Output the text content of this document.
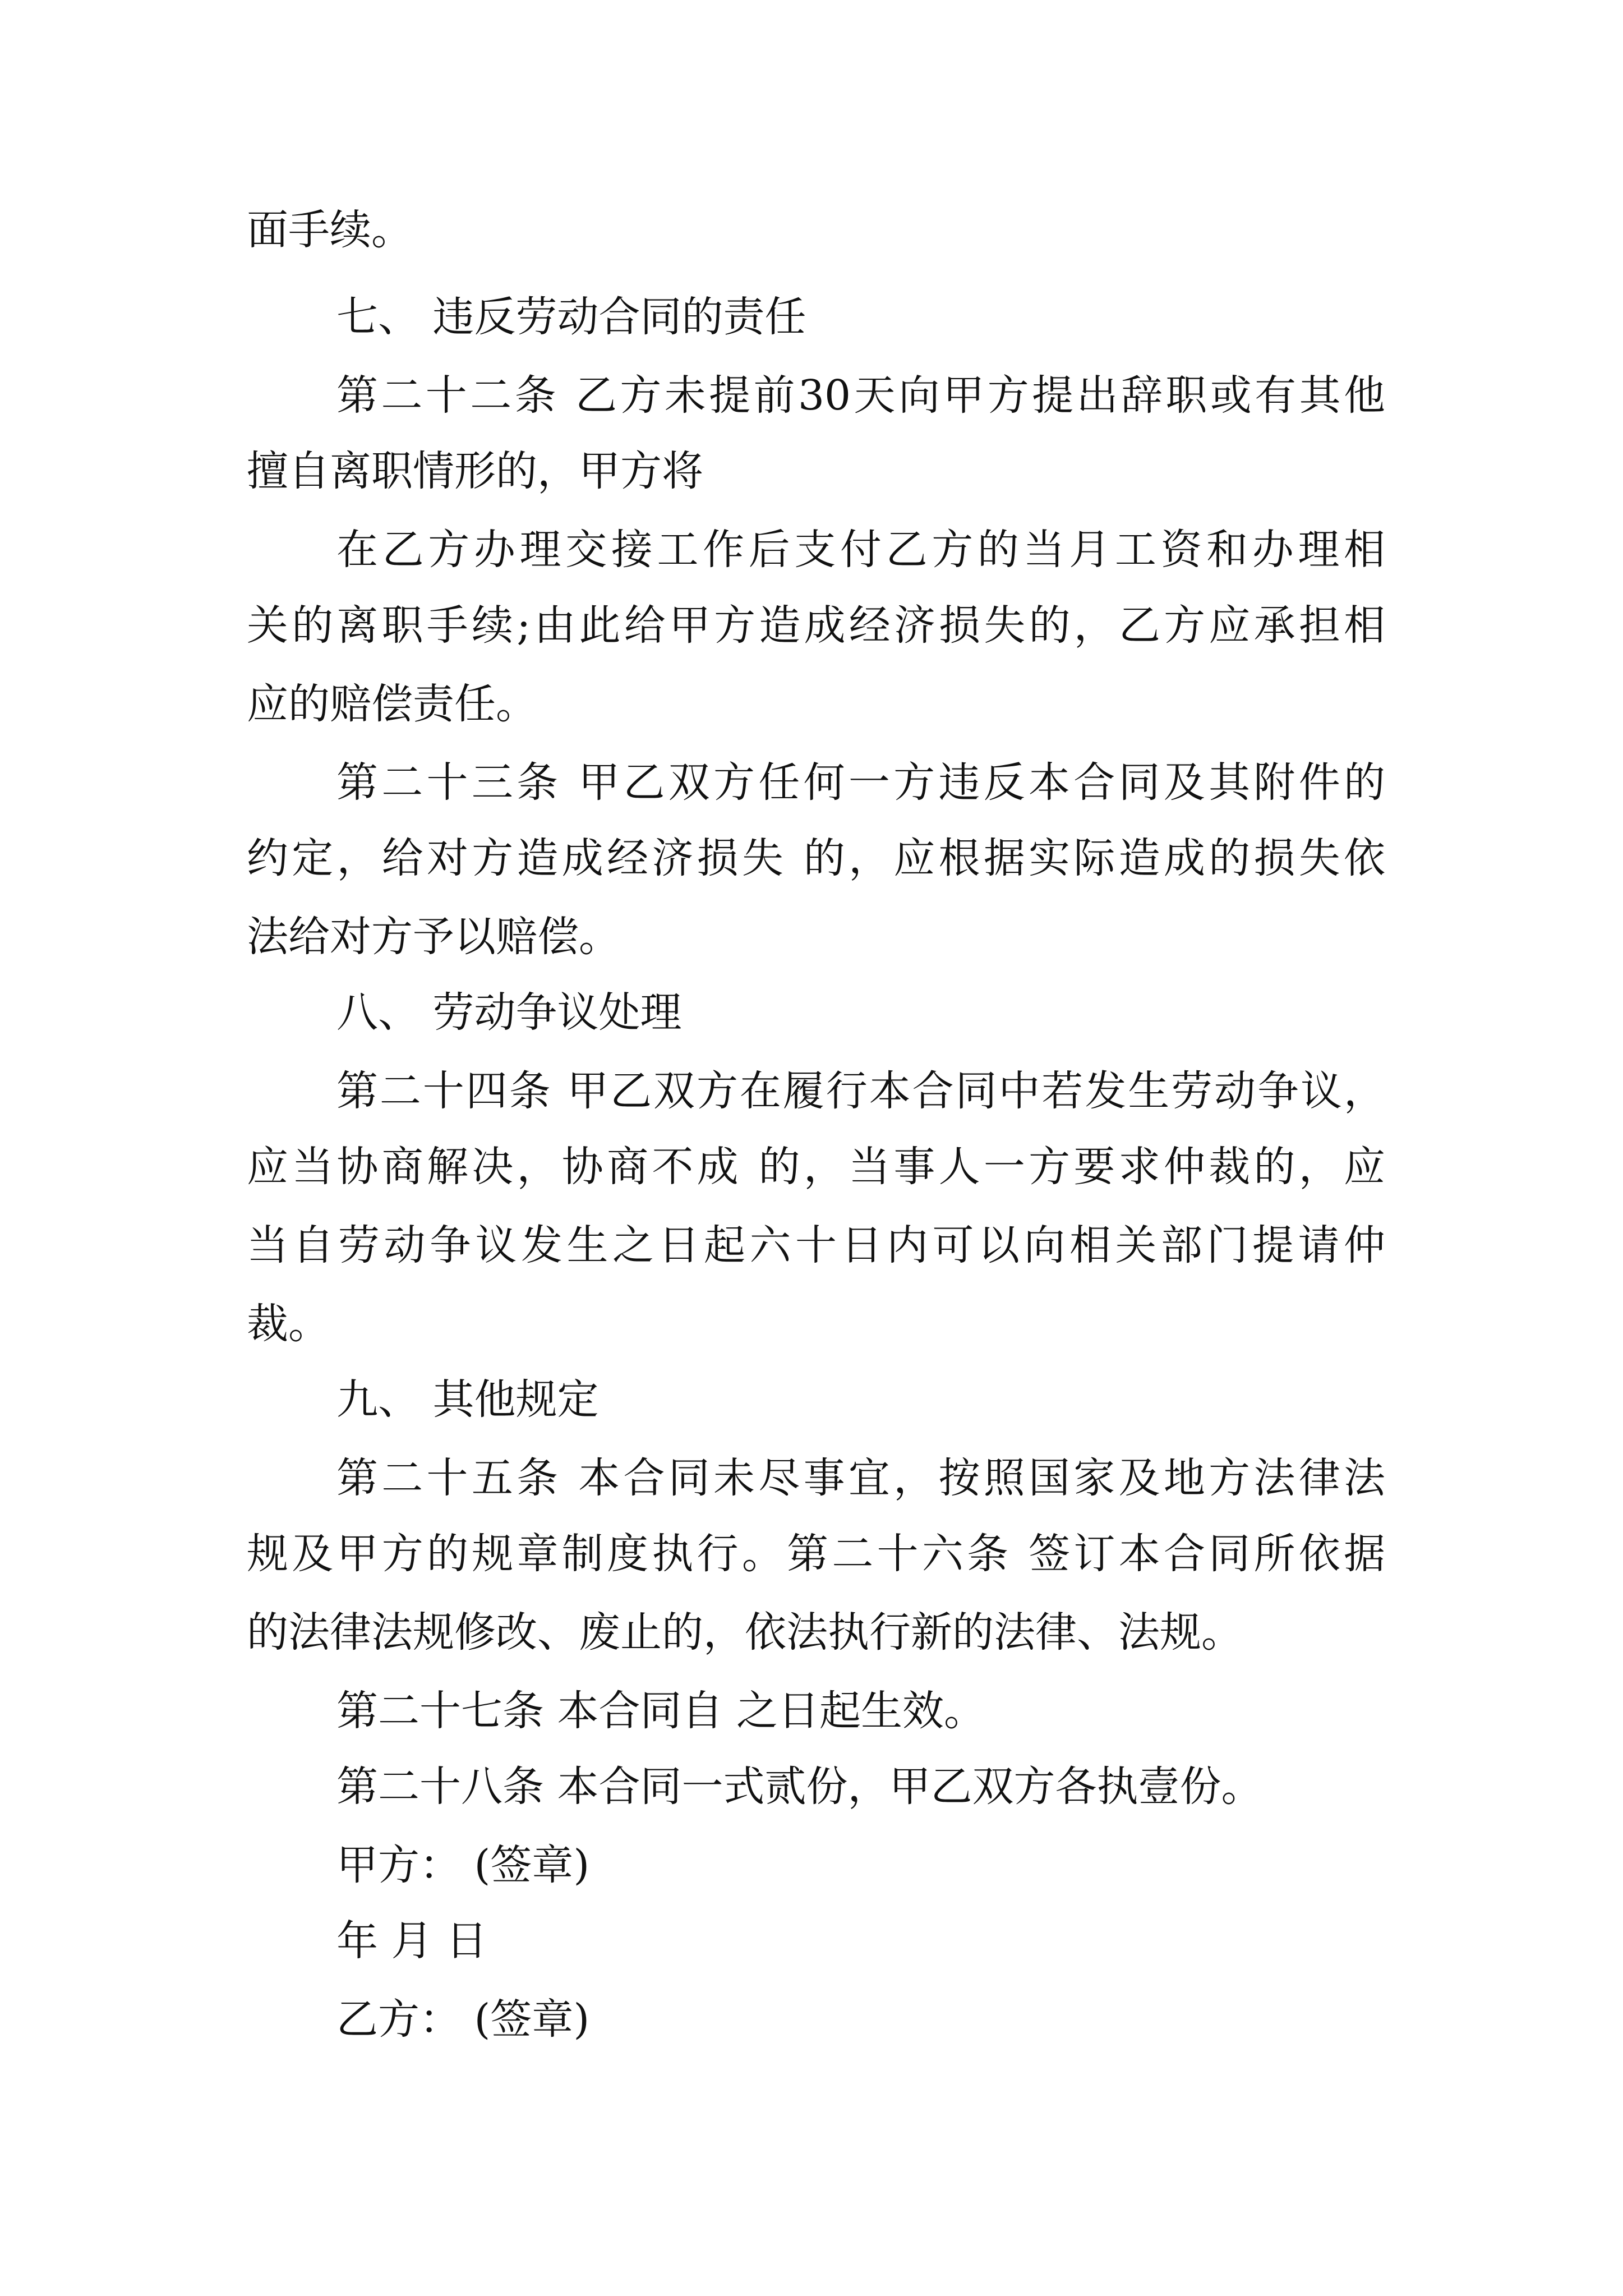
面手续。

七、 违反劳动合同的责任

第二十二条 乙方未提前30天向甲方提出辞职或有其他

擅自离职情形的，甲方将

在乙方办理交接工作后支付乙方的当月工资和办理相

关的离职手续;由此给甲方造成经济损失的，乙方应承担相

应的赔偿责任。

第二十三条 甲乙双方任何一方违反本合同及其附件的

约定，给对方造成经济损失 的，应根据实际造成的损失依

法给对方予以赔偿。

八、 劳动争议处理

第二十四条 甲乙双方在履行本合同中若发生劳动争议，

应当协商解决，协商不成 的，当事人一方要求仲裁的，应

当自劳动争议发生之日起六十日内可以向相关部门提请仲

裁。

九、 其他规定

第二十五条 本合同未尽事宜，按照国家及地方法律法

规及甲方的规章制度执行。第二十六条 签订本合同所依据

的法律法规修改、废止的，依法执行新的法律、法规。

第二十七条 本合同自 之日起生效。

第二十八条 本合同一式贰份，甲乙双方各执壹份。

甲方： (签章)

年 月 日

乙方： (签章)
